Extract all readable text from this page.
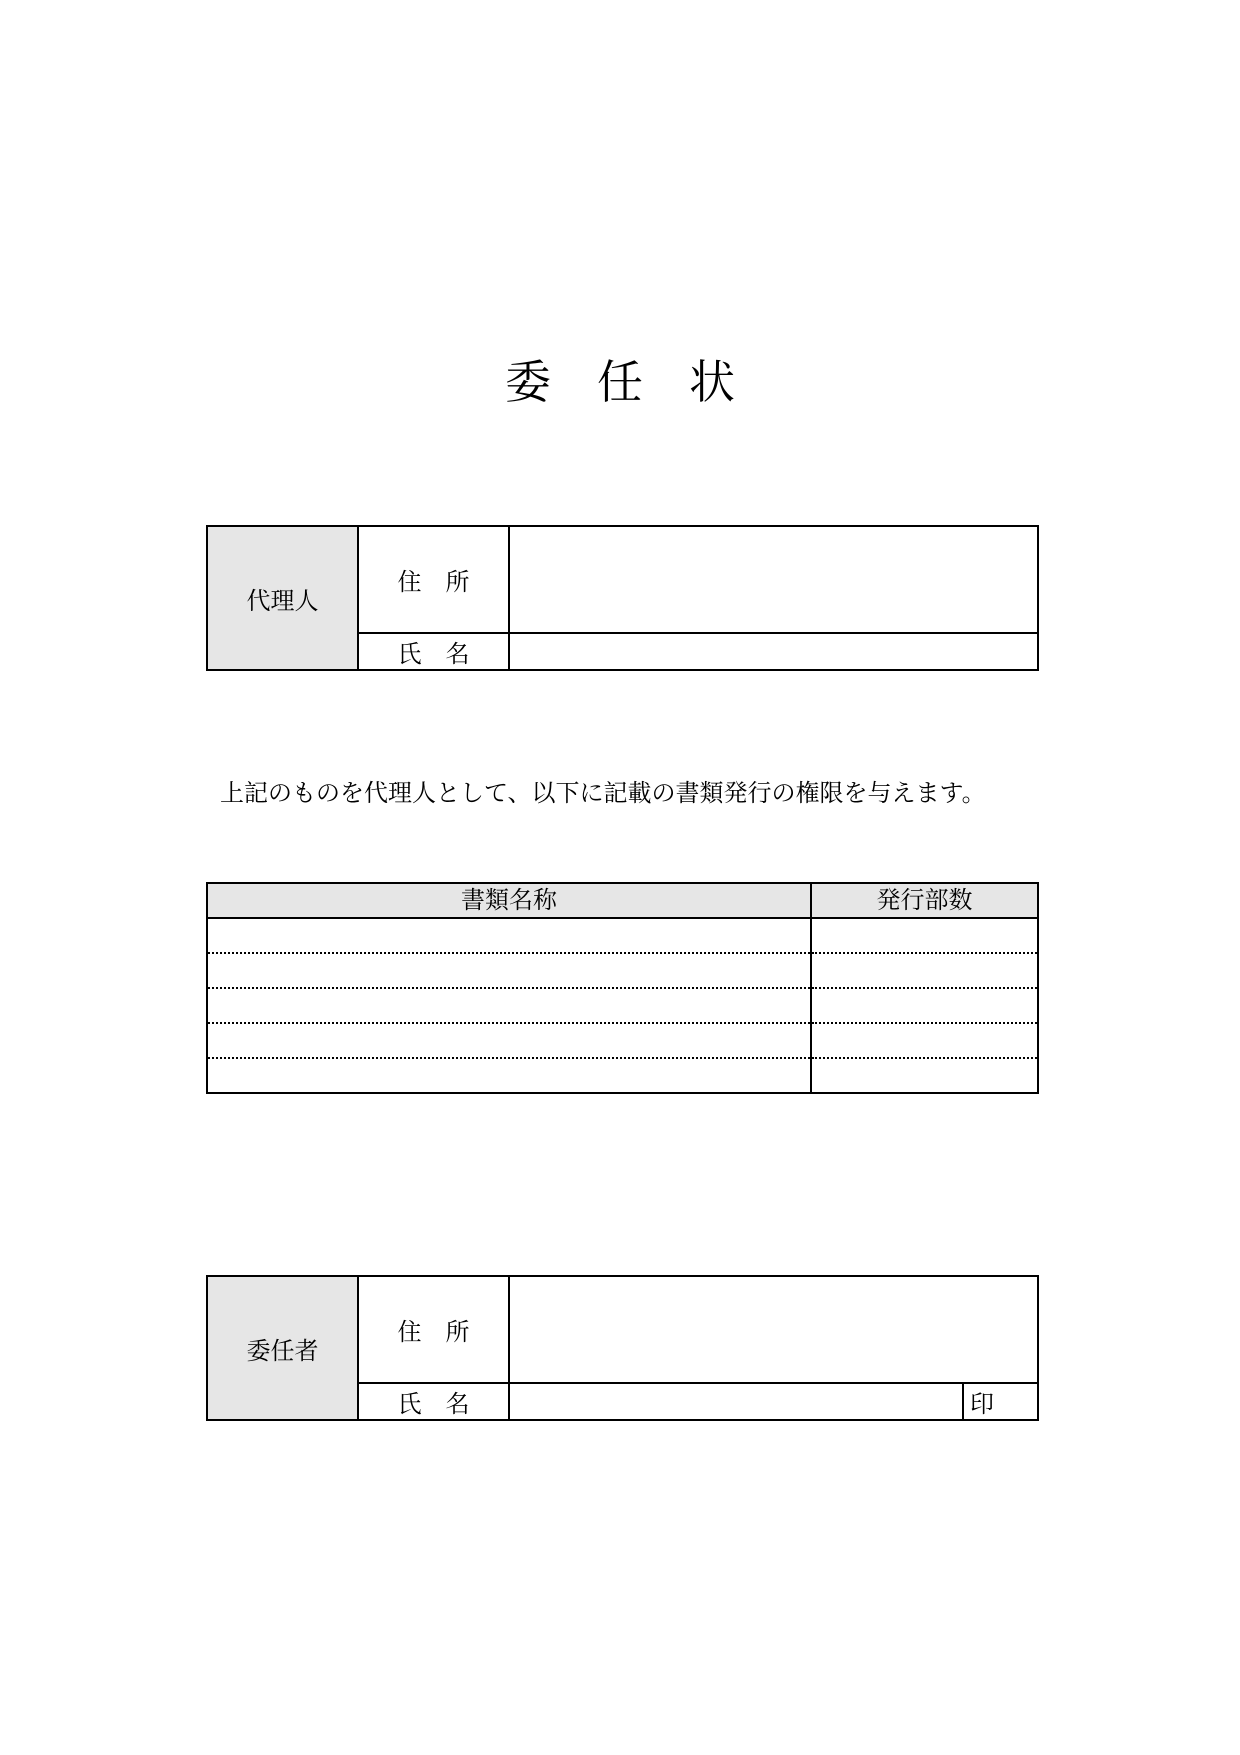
委　任　状
代理人	住　所	
	氏　名	
上記のものを代理人として、以下に記載の書類発行の権限を与えます。
書類名称	発行部数

委任者	住　所		
	氏　名		印
